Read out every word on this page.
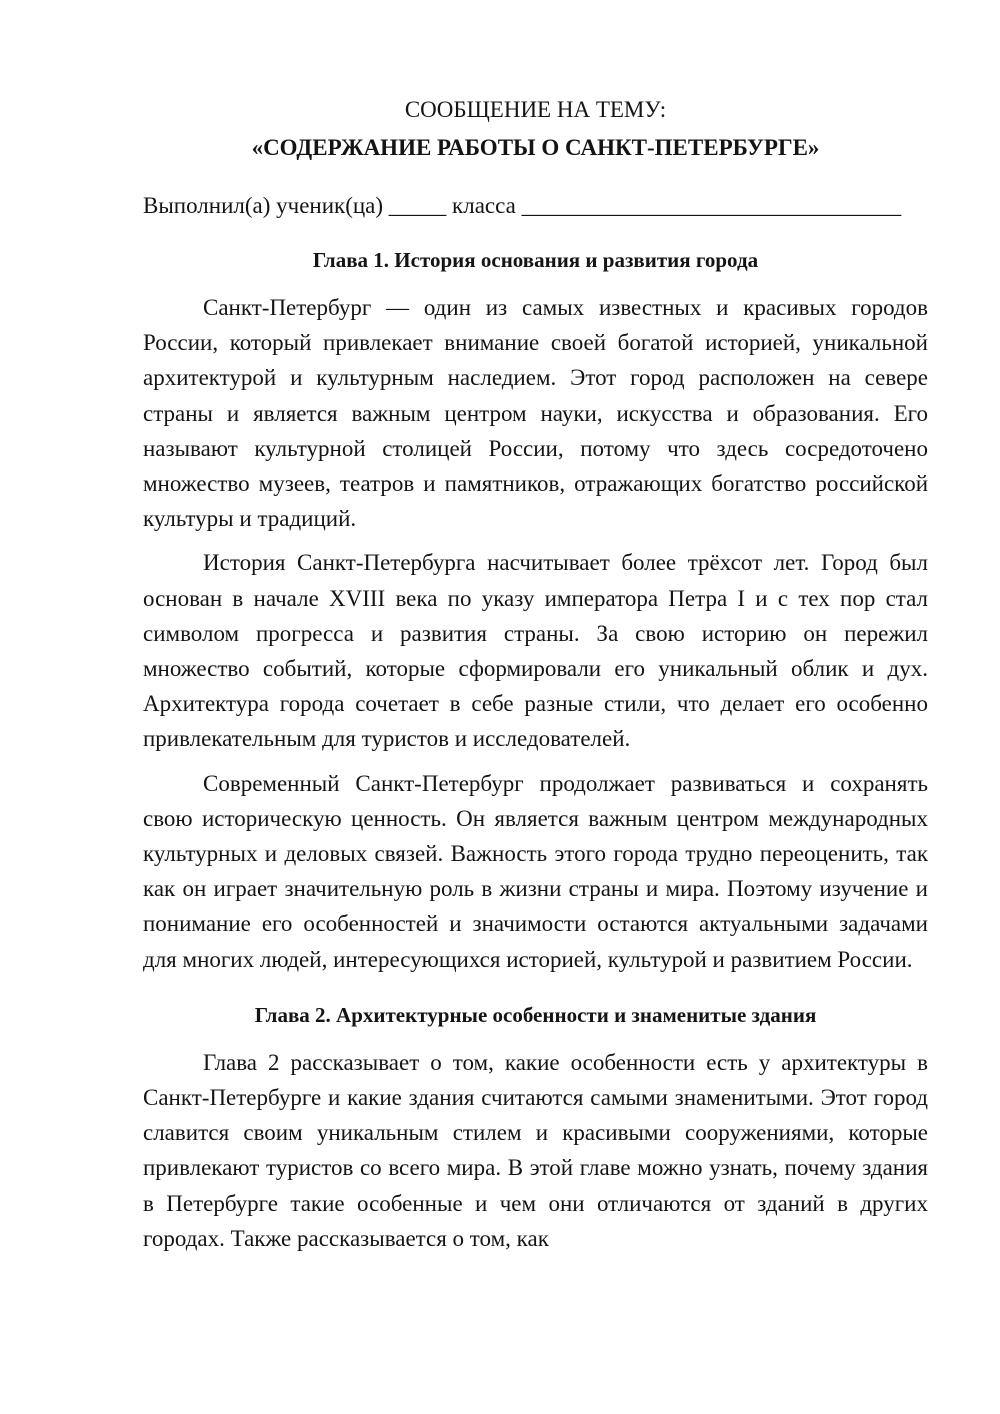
СООБЩЕНИЕ НА ТЕМУ:

«СОДЕРЖАНИЕ РАБОТЫ О САНКТ-ПЕТЕРБУРГЕ»

Выполнил(а) ученик(ца) _____ класса _________________________________

Глава 1. История основания и развития города

Санкт-Петербург — один из самых известных и красивых городов России, который привлекает внимание своей богатой историей, уникальной архитектурой и культурным наследием. Этот город расположен на севере страны и является важным центром науки, искусства и образования. Его называют культурной столицей России, потому что здесь сосредоточено множество музеев, театров и памятников, отражающих богатство российской культуры и традиций.

История Санкт-Петербурга насчитывает более трёхсот лет. Город был основан в начале XVIII века по указу императора Петра I и с тех пор стал символом прогресса и развития страны. За свою историю он пережил множество событий, которые сформировали его уникальный облик и дух. Архитектура города сочетает в себе разные стили, что делает его особенно привлекательным для туристов и исследователей.

Современный Санкт-Петербург продолжает развиваться и сохранять свою историческую ценность. Он является важным центром международных культурных и деловых связей. Важность этого города трудно переоценить, так как он играет значительную роль в жизни страны и мира. Поэтому изучение и понимание его особенностей и значимости остаются актуальными задачами для многих людей, интересующихся историей, культурой и развитием России.

Глава 2. Архитектурные особенности и знаменитые здания

Глава 2 рассказывает о том, какие особенности есть у архитектуры в Санкт-Петербурге и какие здания считаются самыми знаменитыми. Этот город славится своим уникальным стилем и красивыми сооружениями, которые привлекают туристов со всего мира. В этой главе можно узнать, почему здания в Петербурге такие особенные и чем они отличаются от зданий в других городах. Также рассказывается о том, как
